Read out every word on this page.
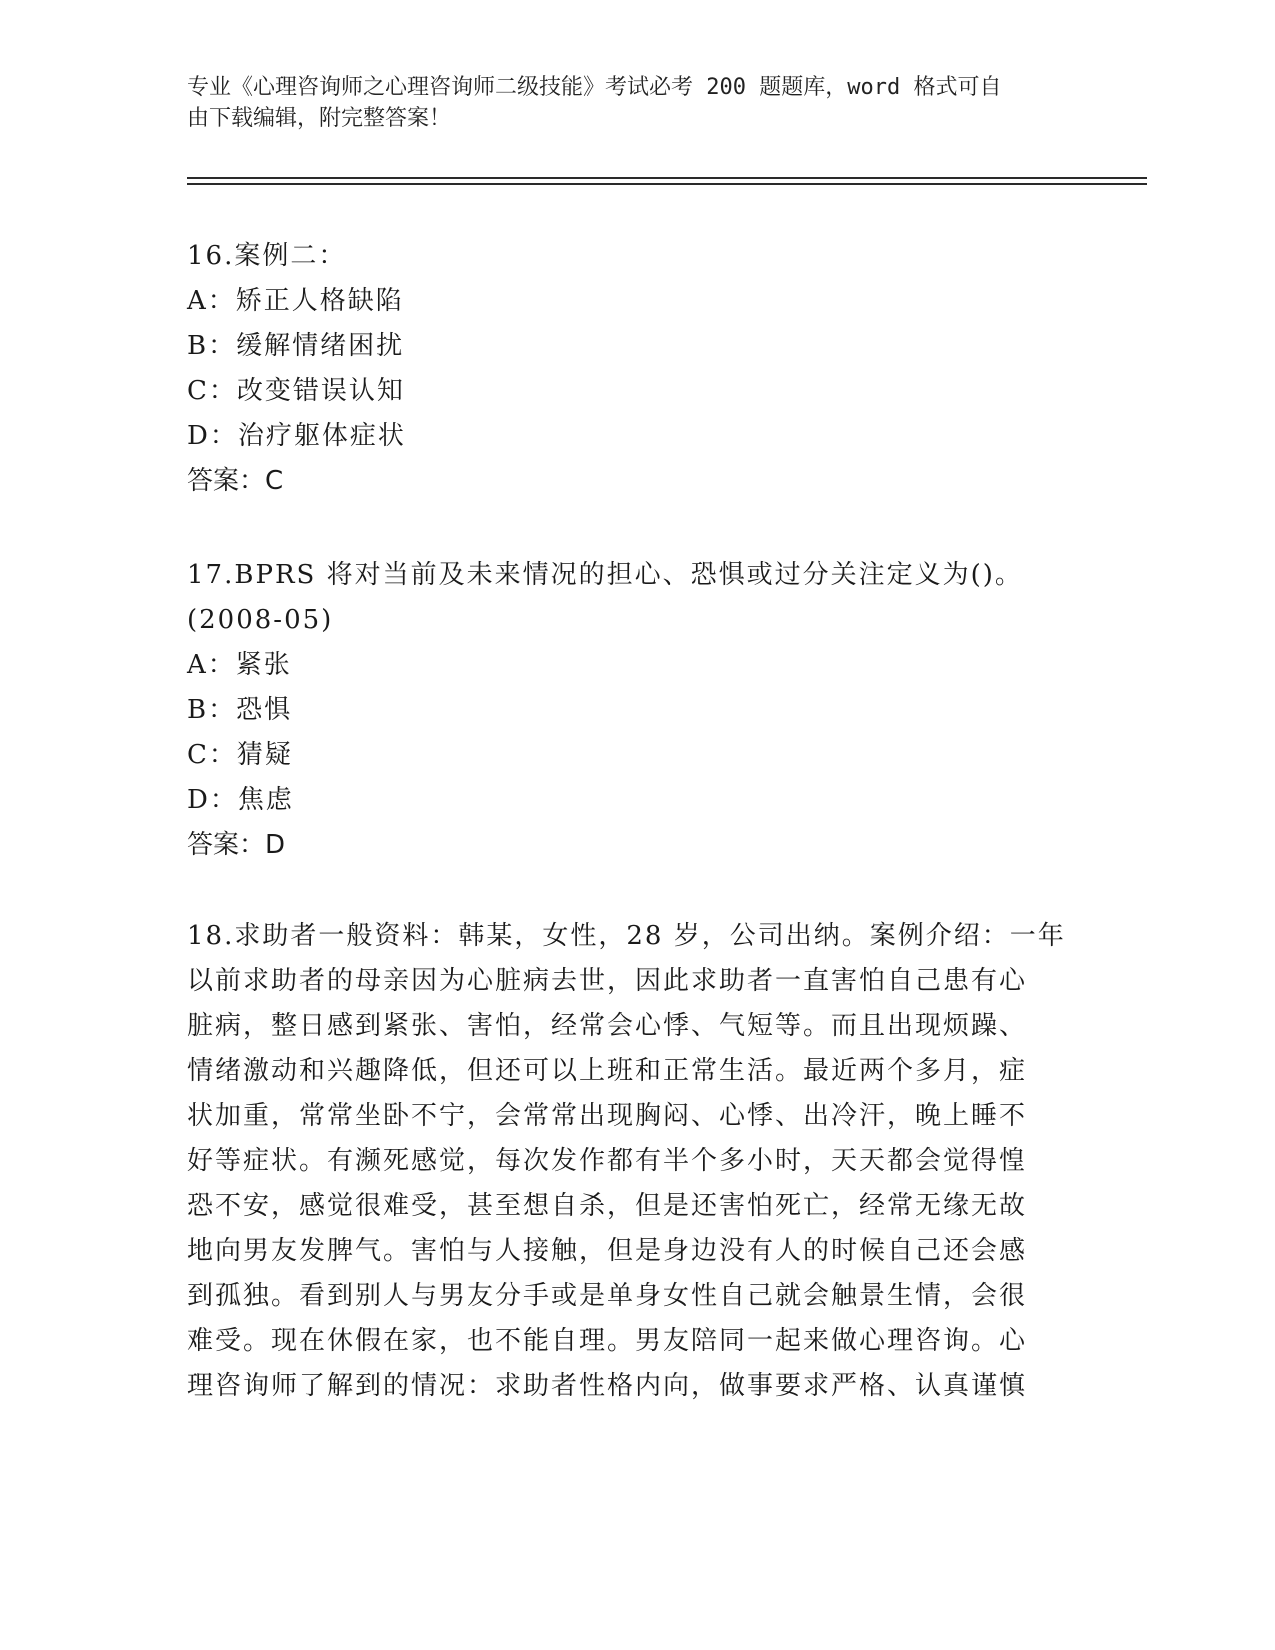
专业《心理咨询师之心理咨询师二级技能》考试必考 200 题题库，word 格式可自
由下载编辑，附完整答案！
16.案例二：
A：矫正人格缺陷
B：缓解情绪困扰
C：改变错误认知
D：治疗躯体症状
答案：C
17.BPRS 将对当前及未来情况的担心、恐惧或过分关注定义为()。
(2008-05)
A：紧张
B：恐惧
C：猜疑
D：焦虑
答案：D
18.求助者一般资料：韩某，女性，28 岁，公司出纳。案例介绍：一年
以前求助者的母亲因为心脏病去世，因此求助者一直害怕自己患有心
脏病，整日感到紧张、害怕，经常会心悸、气短等。而且出现烦躁、
情绪激动和兴趣降低，但还可以上班和正常生活。最近两个多月，症
状加重，常常坐卧不宁，会常常出现胸闷、心悸、出冷汗，晚上睡不
好等症状。有濒死感觉，每次发作都有半个多小时，天天都会觉得惶
恐不安，感觉很难受，甚至想自杀，但是还害怕死亡，经常无缘无故
地向男友发脾气。害怕与人接触，但是身边没有人的时候自己还会感
到孤独。看到别人与男友分手或是单身女性自己就会触景生情，会很
难受。现在休假在家，也不能自理。男友陪同一起来做心理咨询。心
理咨询师了解到的情况：求助者性格内向，做事要求严格、认真谨慎
